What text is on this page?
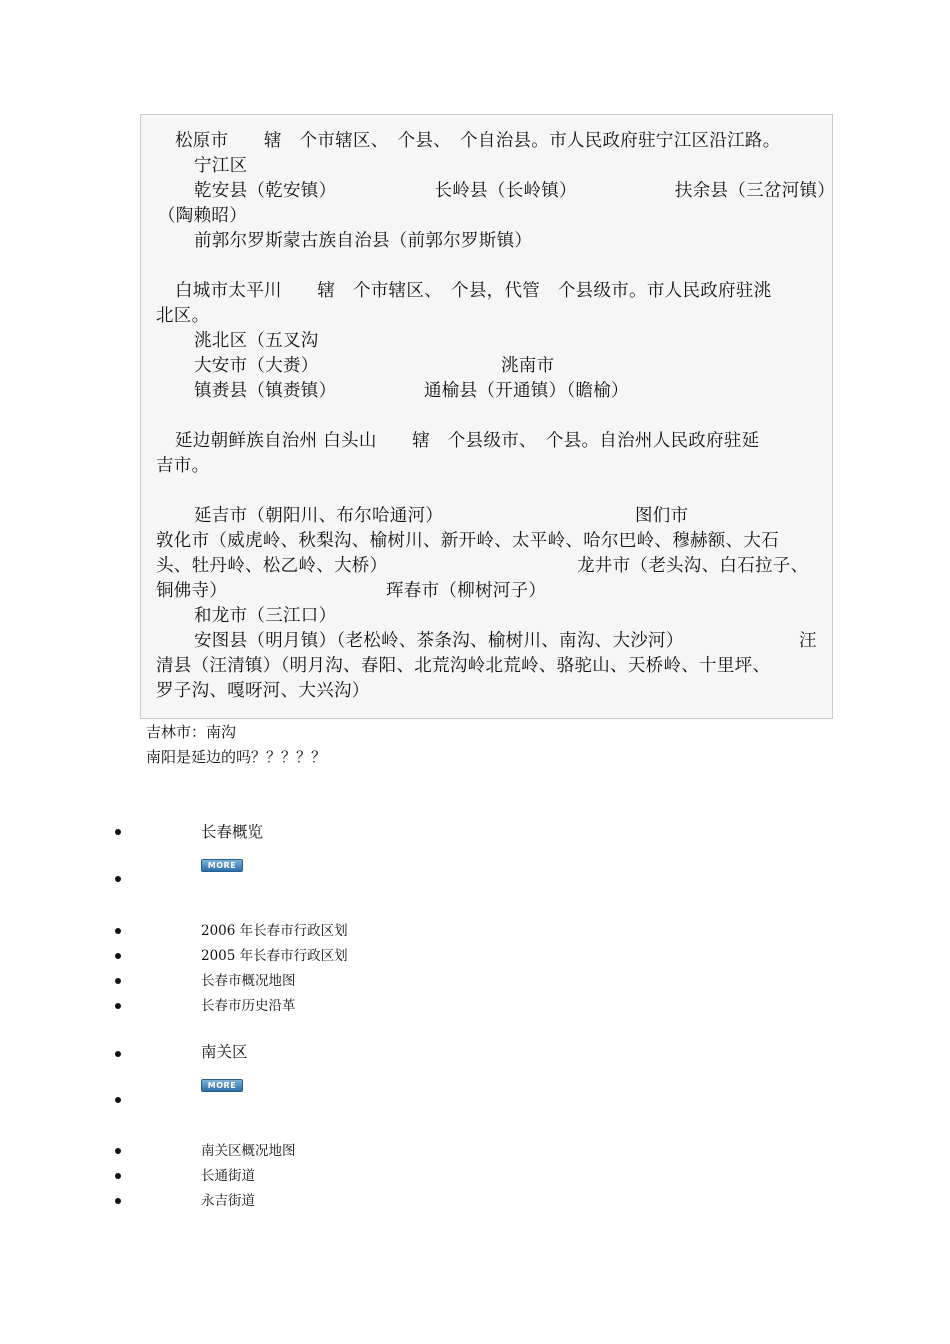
松原市　　辖　个市辖区、　个县、　个自治县。市人民政府驻宁江区沿江路。
宁江区
乾安县（乾安镇）　　　　　　长岭县（长岭镇）　　　　　　扶余县（三岔河镇）
（陶赖昭）
前郭尔罗斯蒙古族自治县（前郭尔罗斯镇）
白城市太平川　　辖　个市辖区、　个县，代管　个县级市。市人民政府驻洮
北区。
洮北区（五叉沟
大安市（大赉）	洮南市
镇赉县（镇赉镇）	通榆县（开通镇）（瞻榆）
延边朝鲜族自治州 白头山　　辖　个县级市、　个县。自治州人民政府驻延
吉市。
延吉市（朝阳川、布尔哈通河）	图们市
敦化市（威虎岭、秋梨沟、榆树川、新开岭、太平岭、哈尔巴岭、穆赫额、大石
头、牡丹岭、松乙岭、大桥）	龙井市（老头沟、白石拉子、
铜佛寺）	珲春市（柳树河子）
和龙市（三江口）
安图县（明月镇）（老松岭、茶条沟、榆树川、南沟、大沙河）	汪
清县（汪清镇）（明月沟、春阳、北荒沟岭北荒岭、骆驼山、天桥岭、十里坪、
罗子沟、嘎呀河、大兴沟）
吉林市：南沟
南阳是延边的吗？？？？？
长春概览
MORE
2006 年长春市行政区划
2005 年长春市行政区划
长春市概况地图
长春市历史沿革
南关区
MORE
南关区概况地图
长通街道
永吉街道
